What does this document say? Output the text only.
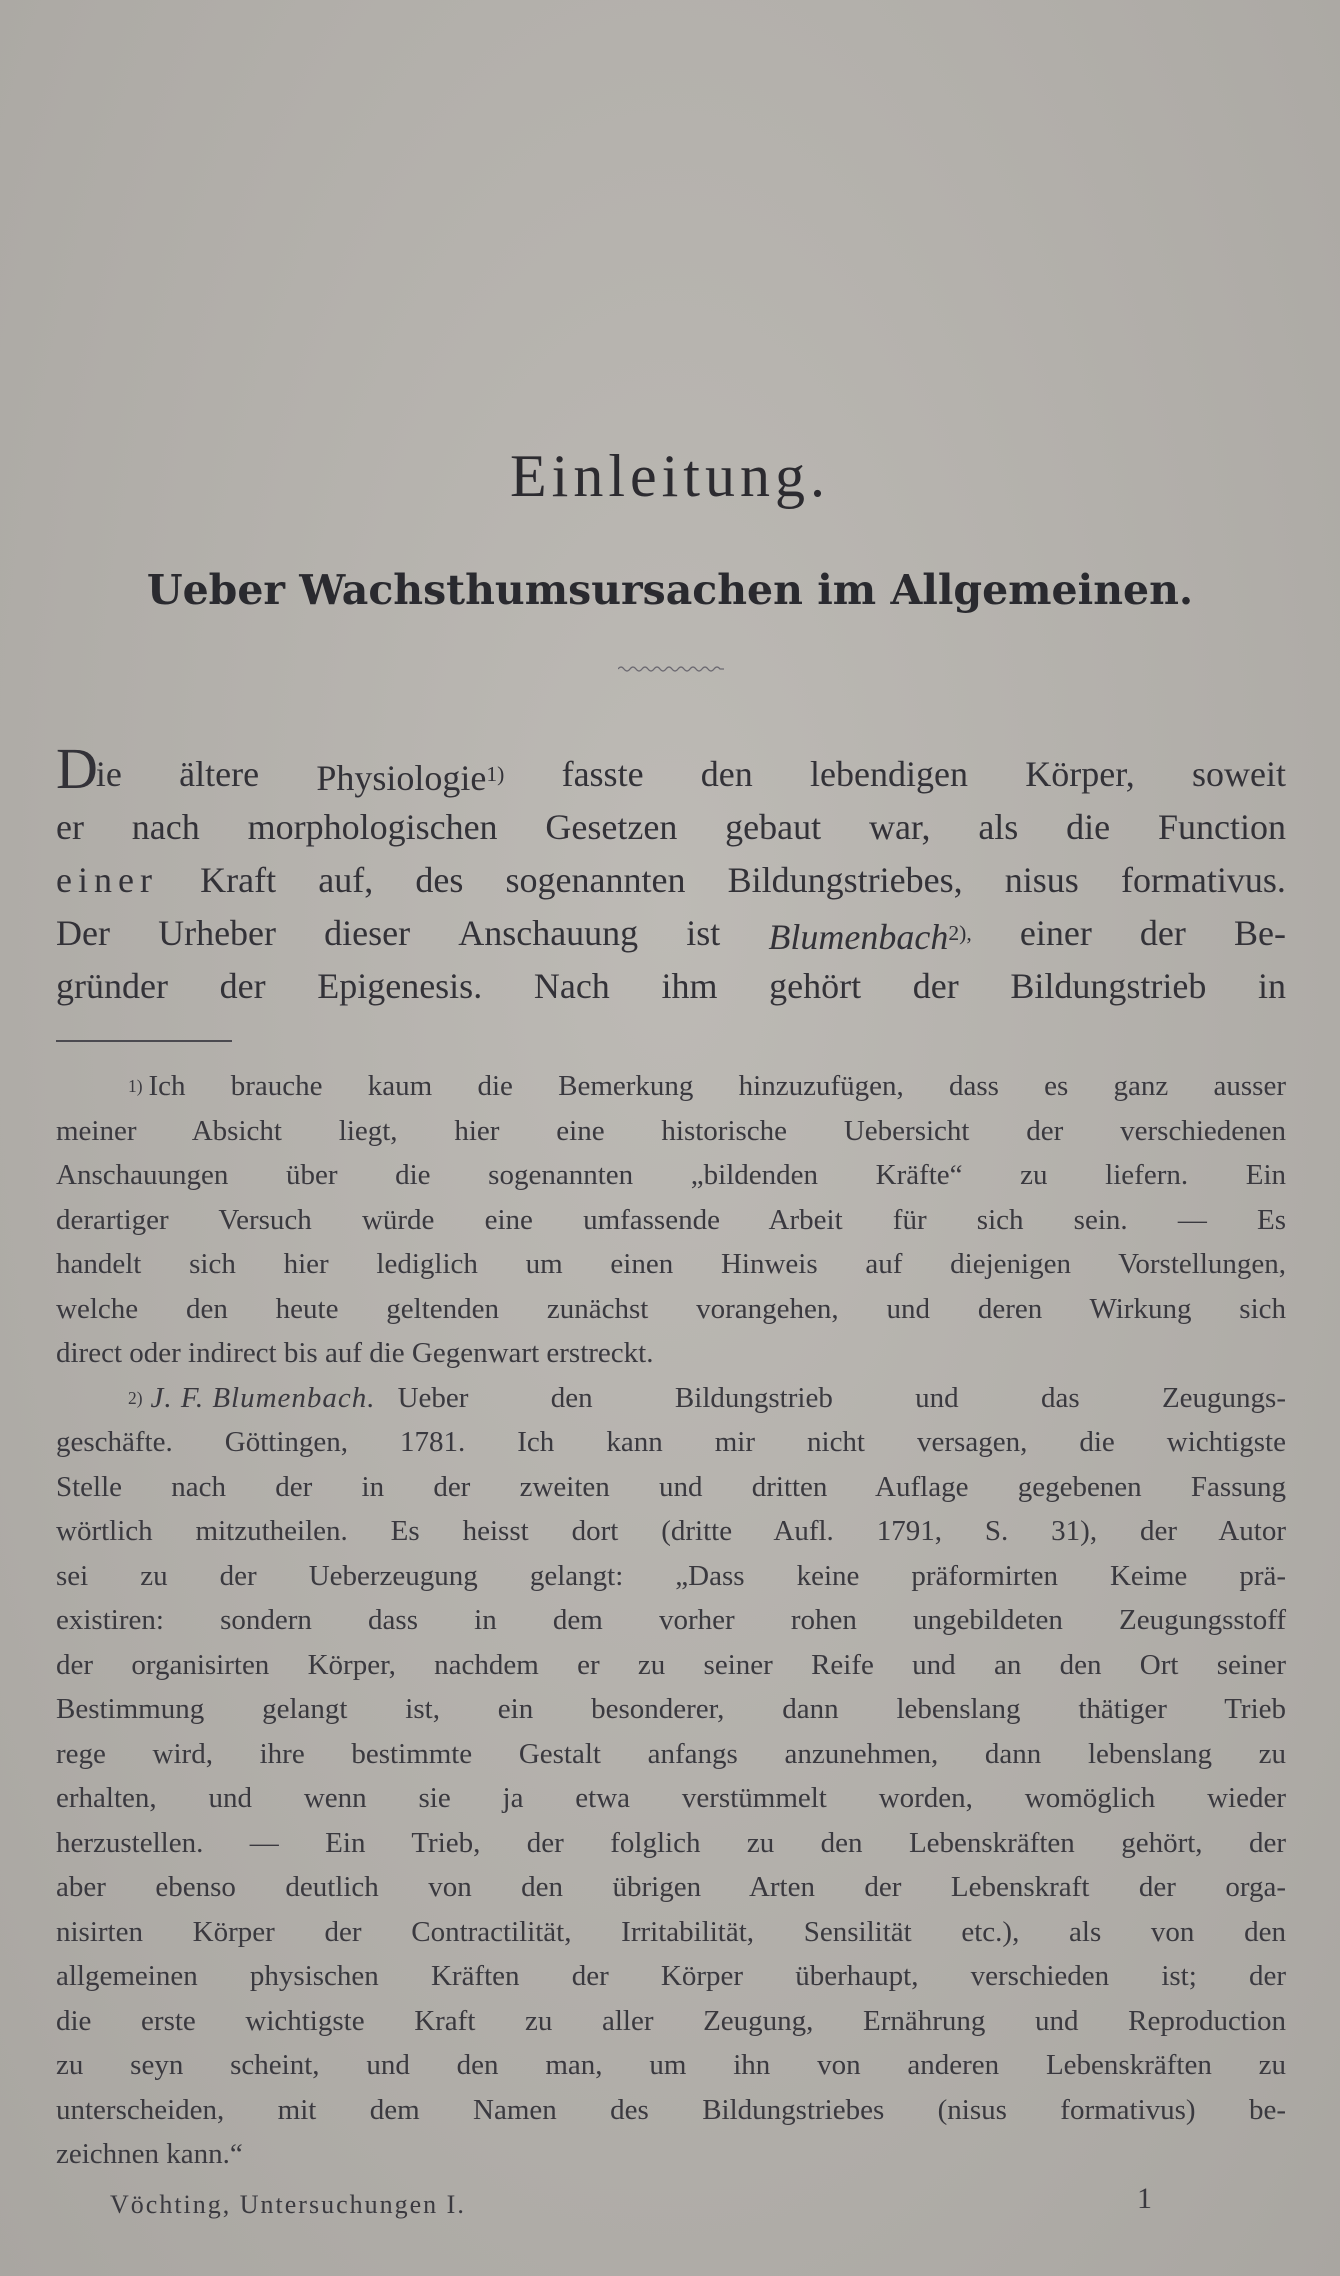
Einleitung.
Ueber Wachsthumsursachen im Allgemeinen.
Die ältere Physiologie$^{1)}$ fasste den lebendigen Körper, soweit
er nach morphologischen Gesetzen gebaut war, als die Function
einer Kraft auf, des sogenannten Bildungstriebes, nisus formativus.
Der Urheber dieser Anschauung ist Blumenbach$^{2),}$ einer der Be-
gründer der Epigenesis. Nach ihm gehört der Bildungstrieb in
$^{1)}$ Ich brauche kaum die Bemerkung hinzuzufügen, dass es ganz ausser
meiner Absicht liegt, hier eine historische Uebersicht der verschiedenen
Anschauungen über die sogenannten „bildenden Kräfte“ zu liefern. Ein
derartiger Versuch würde eine umfassende Arbeit für sich sein. — Es
handelt sich hier lediglich um einen Hinweis auf diejenigen Vorstellungen,
welche den heute geltenden zunächst vorangehen, und deren Wirkung sich
direct oder indirect bis auf die Gegenwart erstreckt.
$^{2)}$ J. F. Blumenbach. Ueber den Bildungstrieb und das Zeugungs-
geschäfte. Göttingen, 1781. Ich kann mir nicht versagen, die wichtigste
Stelle nach der in der zweiten und dritten Auflage gegebenen Fassung
wörtlich mitzutheilen. Es heisst dort (dritte Aufl. 1791, S. 31), der Autor
sei zu der Ueberzeugung gelangt: „Dass keine präformirten Keime prä-
existiren: sondern dass in dem vorher rohen ungebildeten Zeugungsstoff
der organisirten Körper, nachdem er zu seiner Reife und an den Ort seiner
Bestimmung gelangt ist, ein besonderer, dann lebenslang thätiger Trieb
rege wird, ihre bestimmte Gestalt anfangs anzunehmen, dann lebenslang zu
erhalten, und wenn sie ja etwa verstümmelt worden, womöglich wieder
herzustellen. — Ein Trieb, der folglich zu den Lebenskräften gehört, der
aber ebenso deutlich von den übrigen Arten der Lebenskraft der orga-
nisirten Körper der Contractilität, Irritabilität, Sensilität etc.), als von den
allgemeinen physischen Kräften der Körper überhaupt, verschieden ist; der
die erste wichtigste Kraft zu aller Zeugung, Ernährung und Reproduction
zu seyn scheint, und den man, um ihn von anderen Lebenskräften zu
unterscheiden, mit dem Namen des Bildungstriebes (nisus formativus) be-
zeichnen kann.“
Vöchting, Untersuchungen I.	1
